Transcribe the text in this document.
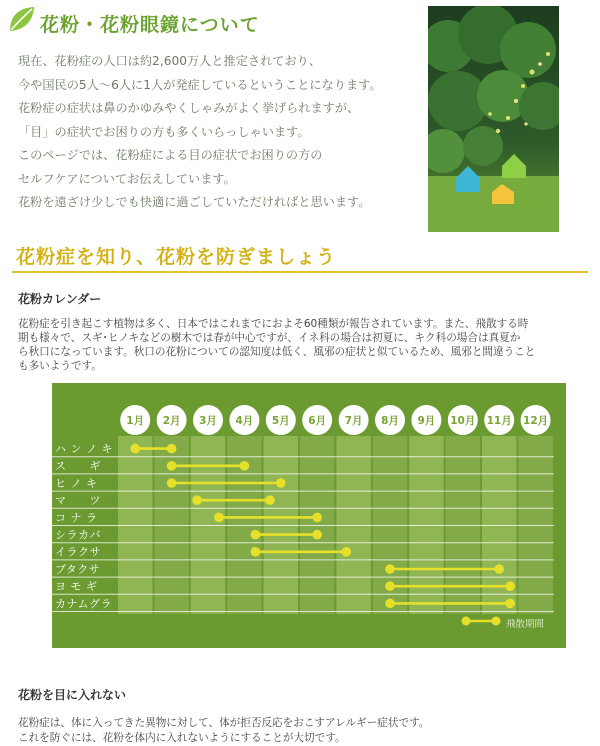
花粉・花粉眼鏡について
現在、花粉症の人口は約2,600万人と推定されており、
今や国民の5人〜6人に1人が発症しているということになります。
花粉症の症状は鼻のかゆみやくしゃみがよく挙げられますが、
「目」の症状でお困りの方も多くいらっしゃいます。
このページでは、花粉症による目の症状でお困りの方の
セルフケアについてお伝えしています。
花粉を遠ざけ少しでも快適に過ごしていただければと思います。
花粉症を知り、花粉を防ぎましょう
花粉カレンダー
花粉症を引き起こす植物は多く、日本ではこれまでにおよそ60種類が報告されています。また、飛散する時
期も様々で、スギ･ヒノキなどの樹木では春が中心ですが、イネ科の場合は初夏に、キク科の場合は真夏か
ら秋口になっています。秋口の花粉についての認知度は低く、風邪の症状と似ているため、風邪と間違うこと
も多いようです。
1月 2月 3月 4月 5月 6月 7月 8月 9月 10月 11月 12月
ハ ン ノ キ
ス　　ギ
ヒ ノ キ
マ　　ツ
コ ナ ラ
シラカバ
イラクサ
ブタクサ
ヨ モ ギ
カナムグラ
飛散期間
花粉を目に入れない
花粉症は、体に入ってきた異物に対して、体が拒否反応をおこすアレルギー症状です。
これを防ぐには、花粉を体内に入れないようにすることが大切です。
